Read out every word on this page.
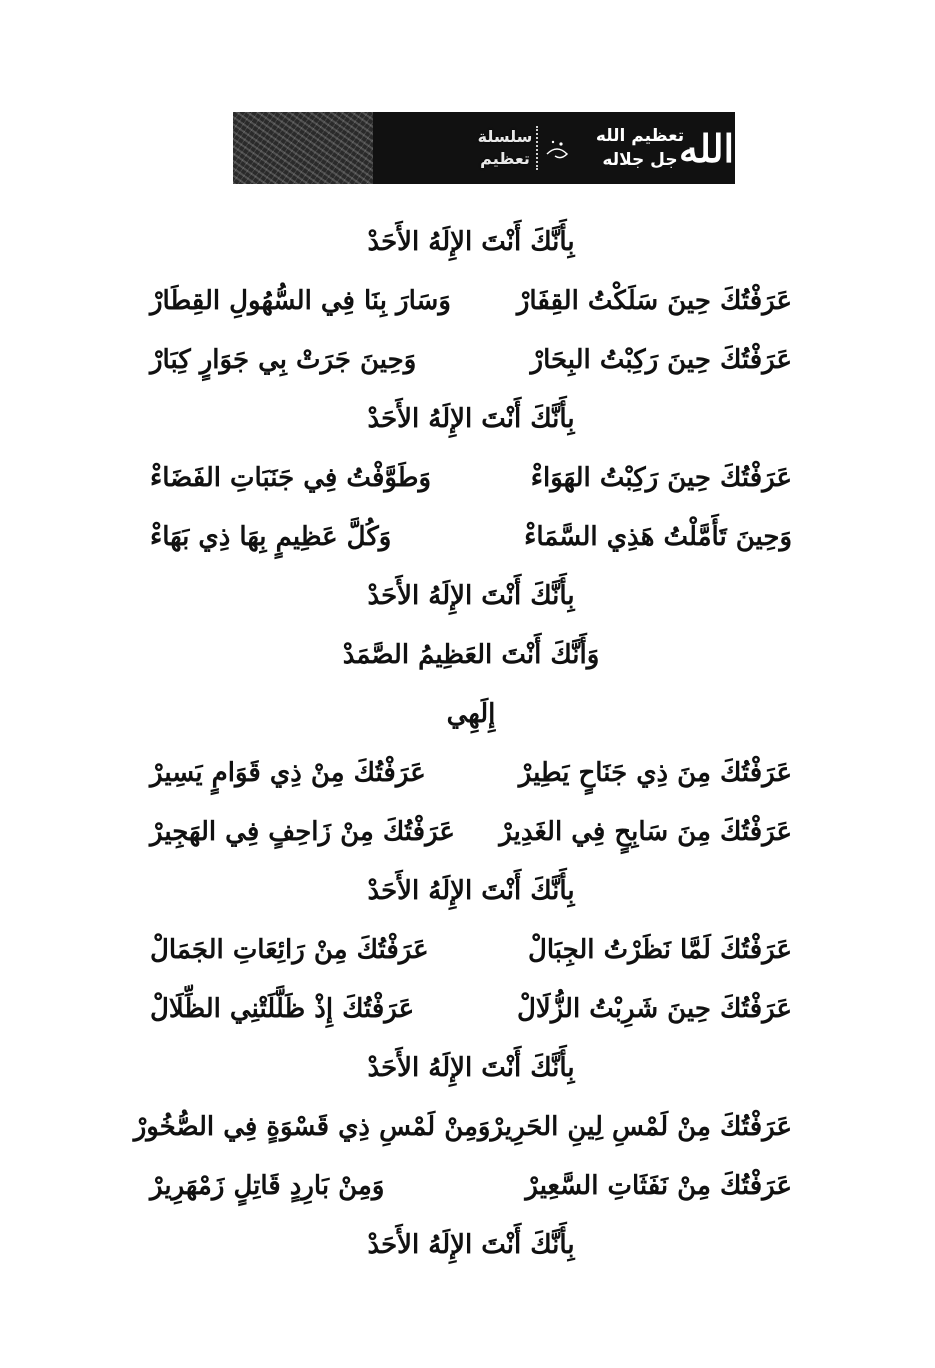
سلسلة
تعظيم
تعظيم الله
جل جلاله الله
بِأَنَّكَ أَنْتَ الإِلَهُ الأَحَدْ
عَرَفْتُكَ حِينَ سَلَكْتُ القِفَارْ
وَسَارَ بِنَا فِي السُّهُولِ القِطَارْ
عَرَفْتُكَ حِينَ رَكِبْتُ البِحَارْ
وَحِينَ جَرَتْ بِي جَوَارٍ كِبَارْ
بِأَنَّكَ أَنْتَ الإِلَهُ الأَحَدْ
عَرَفْتُكَ حِينَ رَكِبْتُ الهَوَاءْ
وَطَوَّفْتُ فِي جَنَبَاتِ الفَضَاءْ
وَحِينَ تَأَمَّلْتُ هَذِي السَّمَاءْ
وَكُلَّ عَظِيمٍ بِهَا ذِي بَهَاءْ
بِأَنَّكَ أَنْتَ الإِلَهُ الأَحَدْ
وَأَنَّكَ أَنْتَ العَظِيمُ الصَّمَدْ
إِلَهِي
عَرَفْتُكَ مِنَ ذِي جَنَاحٍ يَطِيرْ
عَرَفْتُكَ مِنْ ذِي قَوَامٍ يَسِيرْ
عَرَفْتُكَ مِنَ سَابِحٍ فِي الغَدِيرْ
عَرَفْتُكَ مِنْ زَاحِفٍ فِي الهَجِيرْ
بِأَنَّكَ أَنْتَ الإِلَهُ الأَحَدْ
عَرَفْتُكَ لَمَّا نَظَرْتُ الجِبَالْ
عَرَفْتُكَ مِنْ رَائِعَاتِ الجَمَالْ
عَرَفْتُكَ حِينَ شَرِبْتُ الزُّلَالْ
عَرَفْتُكَ إِذْ ظَلَّلَتْنِي الظِّلَالْ
بِأَنَّكَ أَنْتَ الإِلَهُ الأَحَدْ
عَرَفْتُكَ مِنْ لَمْسِ لِينِ الحَرِيرْ
وَمِنْ لَمْسِ ذِي قَسْوَةٍ فِي الصُّخُورْ
عَرَفْتُكَ مِنْ نَفَثَاتِ السَّعِيرْ
وَمِنْ بَارِدٍ قَاتِلٍ زَمْهَرِيرْ
بِأَنَّكَ أَنْتَ الإِلَهُ الأَحَدْ
